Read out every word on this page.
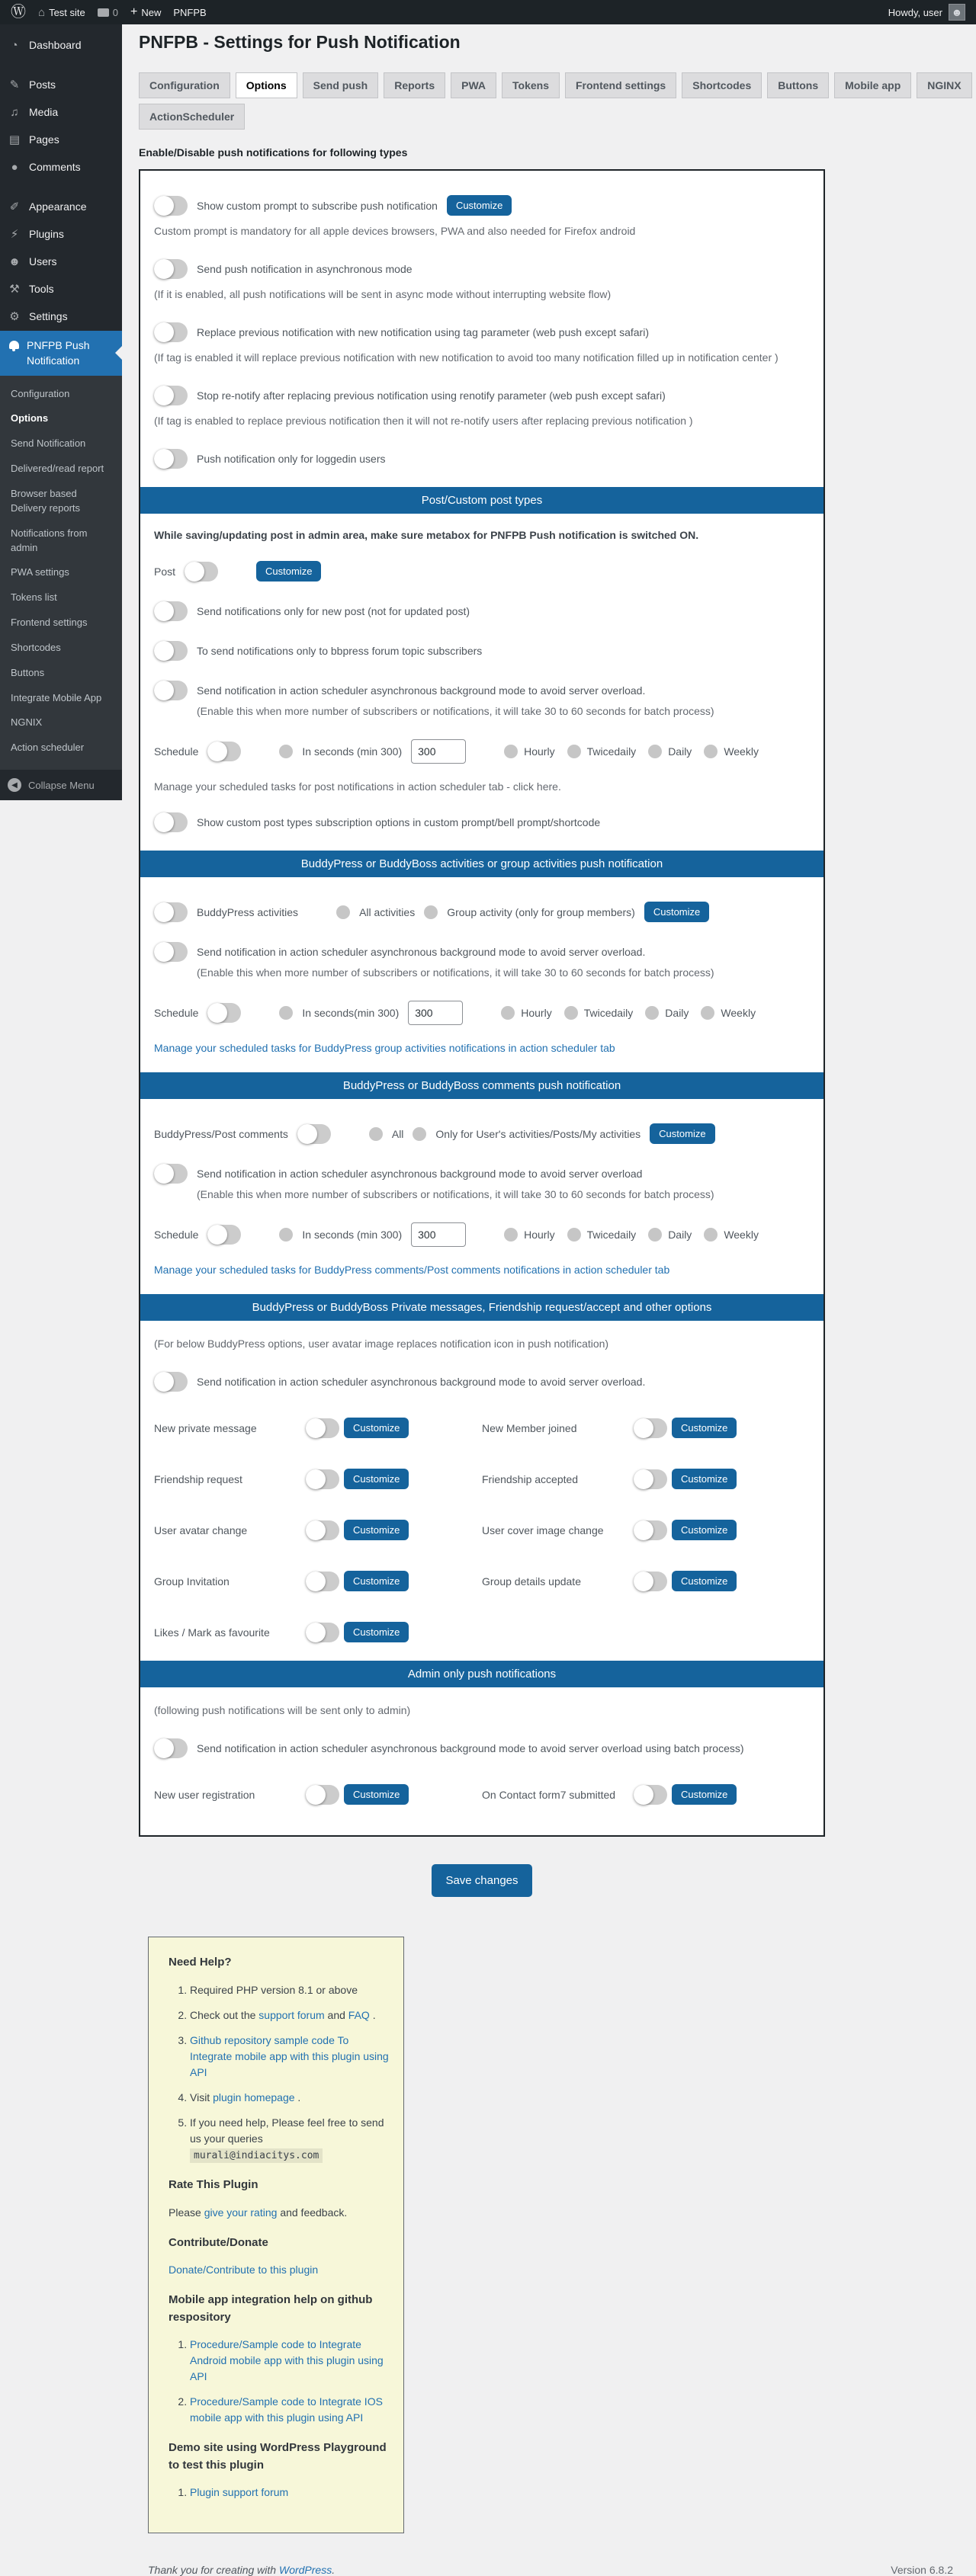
Ⓦ ⌂ Test site	0 + New PNFPB	Howdy, user ☻
◔	Dashboard
✎ Posts
♫ Media
▤ Pages
●	Comments
✐ Appearance
⚡ Plugins
☻ Users
⚒ Tools
⚙ Settings
PNFPB Push Notification
Configuration
Options
Send Notification
Delivered/read report
Browser based Delivery reports
Notifications from admin
PWA settings
Tokens list
Frontend settings
Shortcodes
Buttons
Integrate Mobile App
NGNIX
Action scheduler
◀	Collapse Menu
PNFPB - Settings for Push Notification
Configuration	Options	Send push	Reports	PWA	Tokens	Frontend settings	Shortcodes	Buttons	Mobile app	NGINX
ActionScheduler
Enable/Disable push notifications for following types
Show custom prompt to subscribe push notification	Customize
Custom prompt is mandatory for all apple devices browsers, PWA and also needed for Firefox android
Send push notification in asynchronous mode
(If it is enabled, all push notifications will be sent in async mode without interrupting website flow)
Replace previous notification with new notification using tag parameter (web push except safari)
(If tag is enabled it will replace previous notification with new notification to avoid too many notification filled up in notification center )
Stop re-notify after replacing previous notification using renotify parameter (web push except safari)
(If tag is enabled to replace previous notification then it will not re-notify users after replacing previous notification )
Push notification only for loggedin users
Post/Custom post types
While saving/updating post in admin area, make sure metabox for PNFPB Push notification is switched ON.
Post	Customize
Send notifications only for new post (not for updated post)
To send notifications only to bbpress forum topic subscribers
Send notification in action scheduler asynchronous background mode to avoid server overload.
(Enable this when more number of subscribers or notifications, it will take 30 to 60 seconds for batch process)
Schedule	In seconds (min 300)
300	Hourly	Twicedaily	Daily	Weekly
Manage your scheduled tasks for post notifications in action scheduler tab - click here.
Show custom post types subscription options in custom prompt/bell prompt/shortcode
BuddyPress or BuddyBoss activities or group activities push notification
BuddyPress activities	All activities	Group activity (only for group members)	Customize
Send notification in action scheduler asynchronous background mode to avoid server overload.
(Enable this when more number of subscribers or notifications, it will take 30 to 60 seconds for batch process)
Schedule	In seconds(min 300)
300	Hourly	Twicedaily	Daily	Weekly
Manage your scheduled tasks for BuddyPress group activities notifications in action scheduler tab
BuddyPress or BuddyBoss comments push notification
BuddyPress/Post comments	All	Only for User's activities/Posts/My activities	Customize
Send notification in action scheduler asynchronous background mode to avoid server overload
(Enable this when more number of subscribers or notifications, it will take 30 to 60 seconds for batch process)
Schedule	In seconds (min 300)
300	Hourly	Twicedaily	Daily	Weekly
Manage your scheduled tasks for BuddyPress comments/Post comments notifications in action scheduler tab
BuddyPress or BuddyBoss Private messages, Friendship request/accept and other options
(For below BuddyPress options, user avatar image replaces notification icon in push notification)
Send notification in action scheduler asynchronous background mode to avoid server overload.
New private message	Customize	New Member joined	Customize
Friendship request	Customize	Friendship accepted	Customize
User avatar change	Customize	User cover image change	Customize
Group Invitation	Customize	Group details update	Customize
Likes / Mark as favourite	Customize
Admin only push notifications
(following push notifications will be sent only to admin)
Send notification in action scheduler asynchronous background mode to avoid server overload using batch process)
New user registration	Customize	On Contact form7 submitted	Customize
Save changes
Need Help?
1. Required PHP version 8.1 or above
2. Check out the support forum and FAQ .
3. Github repository sample code To Integrate mobile app with this plugin using API
4. Visit plugin homepage .
5. If you need help, Please feel free to send us your queries murali@indiacitys.com
Rate This Plugin

Please give your rating and feedback.

Contribute/Donate

Donate/Contribute to this plugin

Mobile app integration help on github respository
1. Procedure/Sample code to Integrate Android mobile app with this plugin using API
2. Procedure/Sample code to Integrate IOS mobile app with this plugin using API
Demo site using WordPress Playground to test this plugin
1. Plugin support forum
Thank you for creating with WordPress.	Version 6.8.2
